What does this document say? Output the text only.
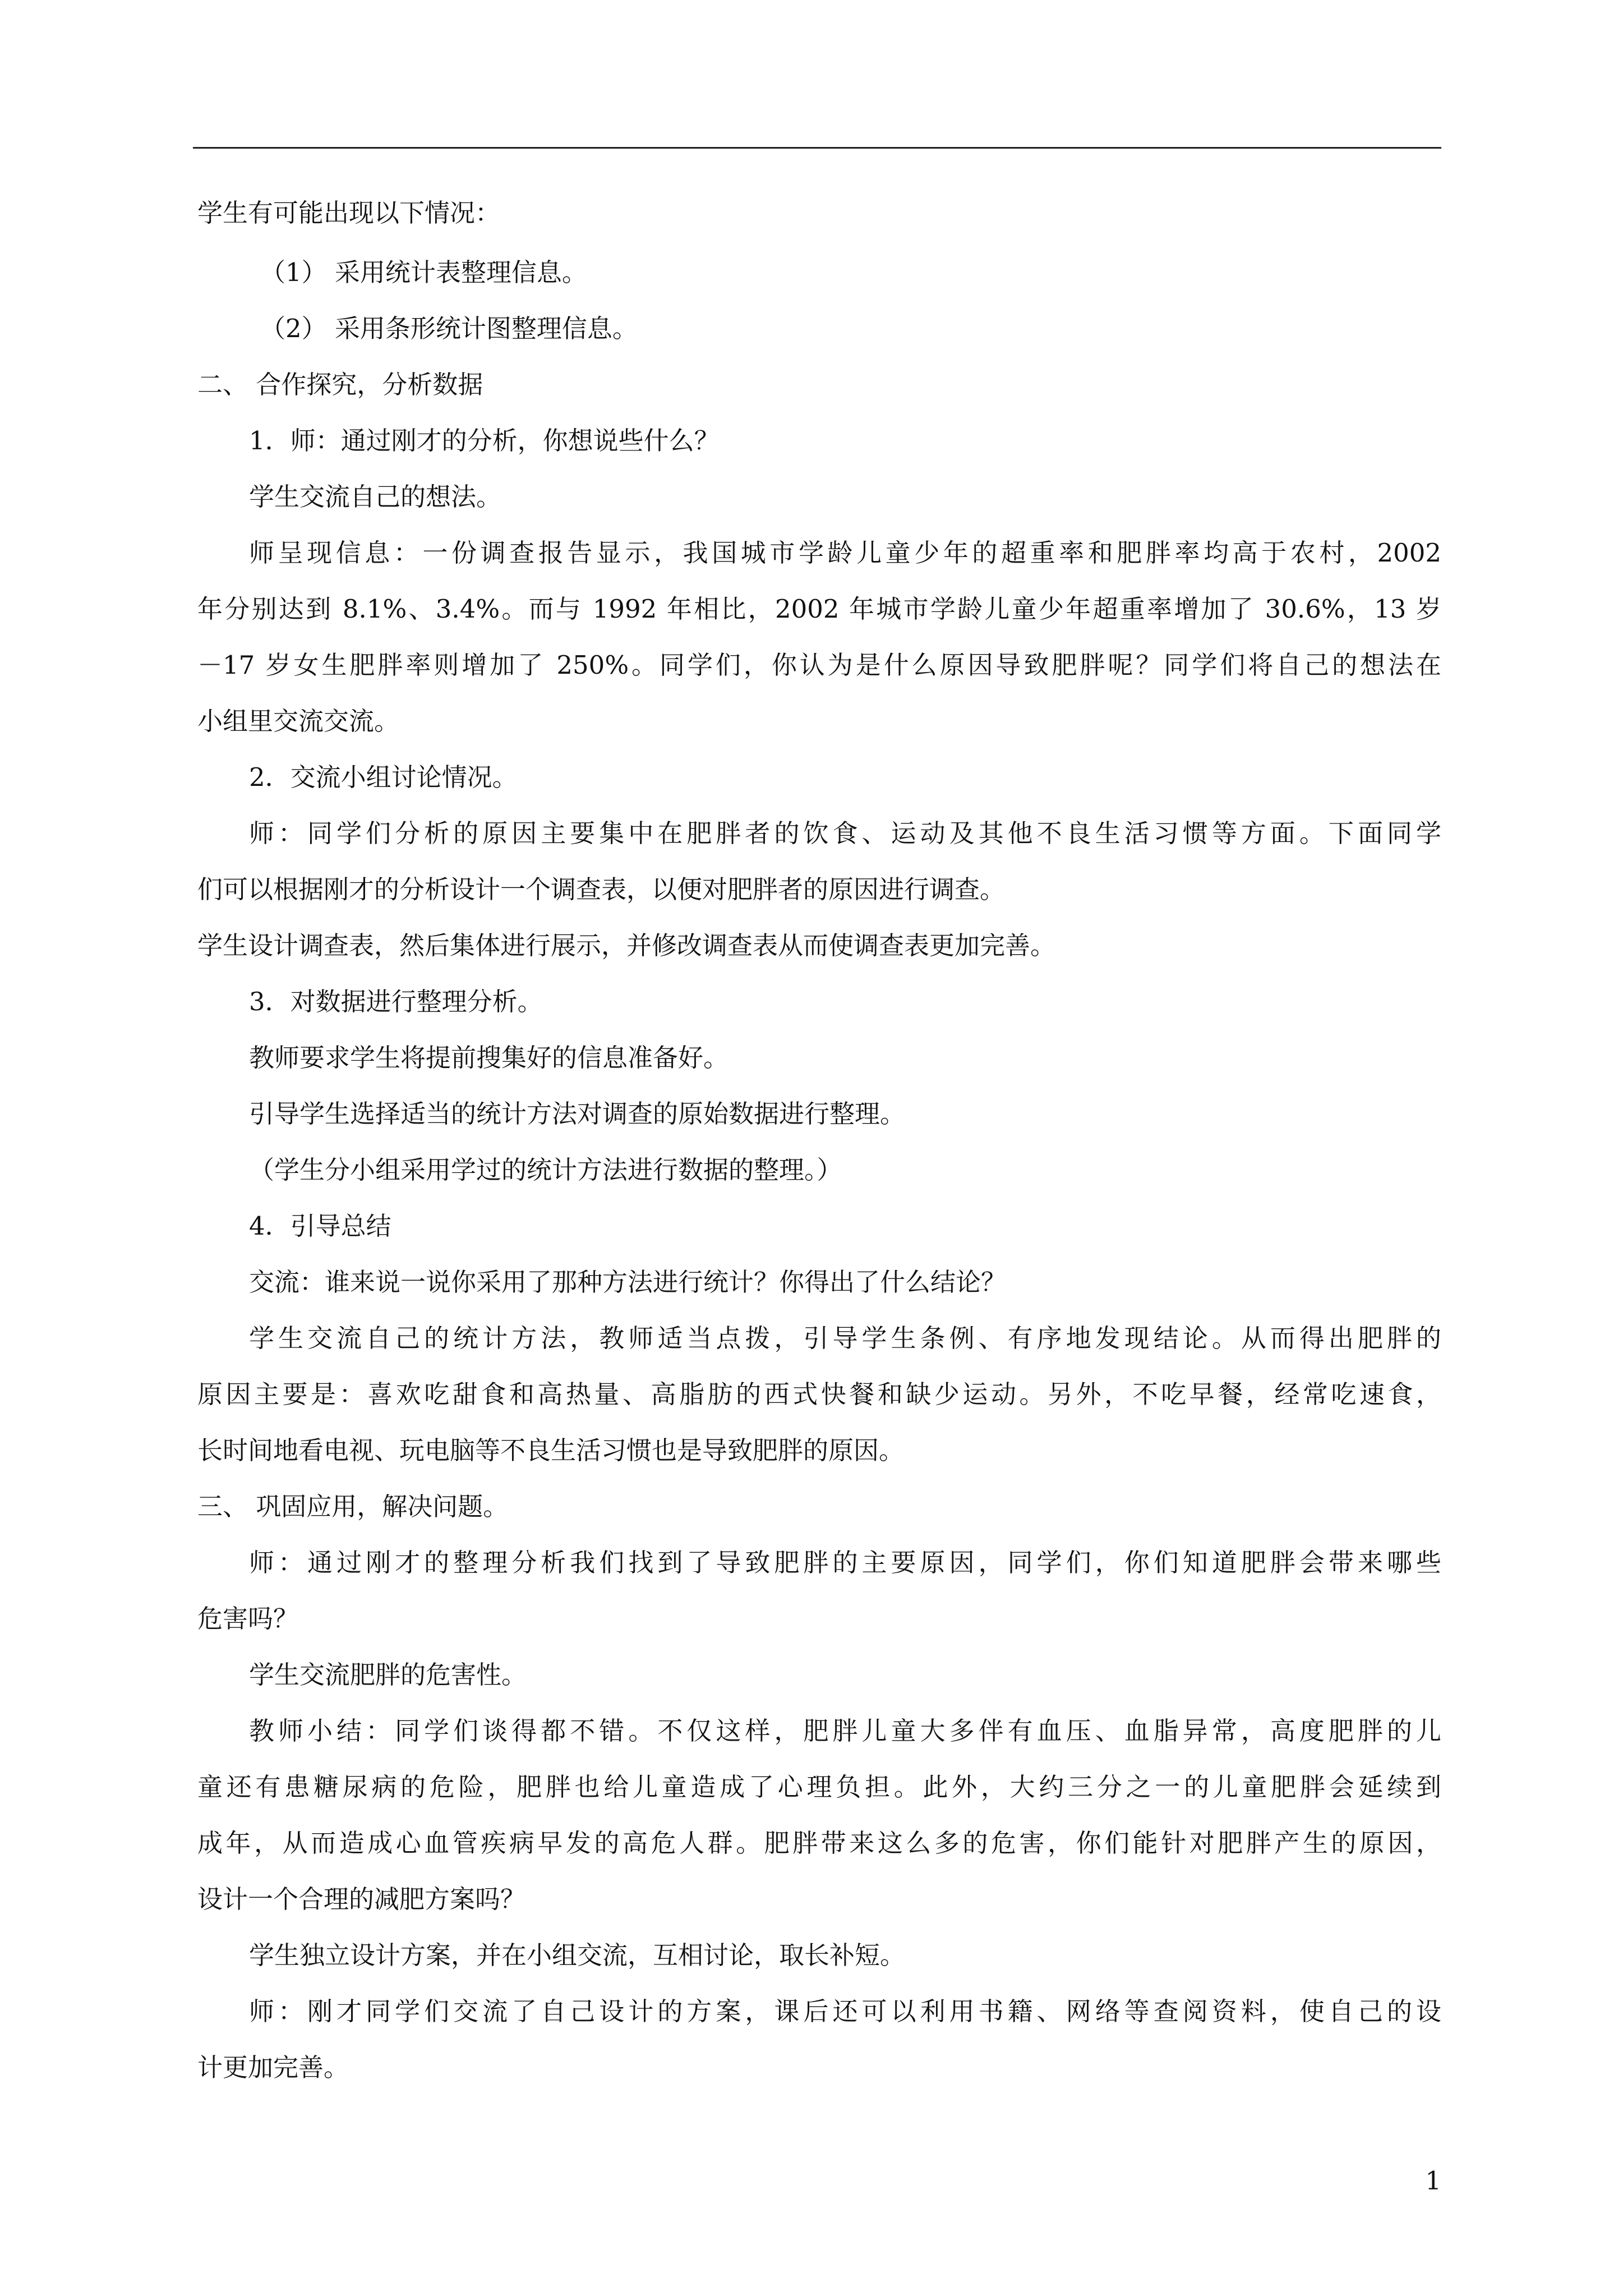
学生有可能出现以下情况：
（1） 采用统计表整理信息。
（2） 采用条形统计图整理信息。
二、 合作探究，分析数据
1．师：通过刚才的分析，你想说些什么？
学生交流自己的想法。
师呈现信息：一份调查报告显示，我国城市学龄儿童少年的超重率和肥胖率均高于农村，2002
年分别达到 8.1%、3.4%。而与 1992 年相比，2002 年城市学龄儿童少年超重率增加了 30.6%，13 岁
－17 岁女生肥胖率则增加了 250%。同学们，你认为是什么原因导致肥胖呢？同学们将自己的想法在
小组里交流交流。
2．交流小组讨论情况。
师：同学们分析的原因主要集中在肥胖者的饮食、运动及其他不良生活习惯等方面。下面同学
们可以根据刚才的分析设计一个调查表，以便对肥胖者的原因进行调查。
学生设计调查表，然后集体进行展示，并修改调查表从而使调查表更加完善。
3．对数据进行整理分析。
教师要求学生将提前搜集好的信息准备好。
引导学生选择适当的统计方法对调查的原始数据进行整理。
（学生分小组采用学过的统计方法进行数据的整理。）
4．引导总结
交流：谁来说一说你采用了那种方法进行统计？你得出了什么结论？
学生交流自己的统计方法，教师适当点拨，引导学生条例、有序地发现结论。从而得出肥胖的
原因主要是：喜欢吃甜食和高热量、高脂肪的西式快餐和缺少运动。另外，不吃早餐，经常吃速食，
长时间地看电视、玩电脑等不良生活习惯也是导致肥胖的原因。
三、 巩固应用，解决问题。
师：通过刚才的整理分析我们找到了导致肥胖的主要原因，同学们，你们知道肥胖会带来哪些
危害吗？
学生交流肥胖的危害性。
教师小结：同学们谈得都不错。不仅这样，肥胖儿童大多伴有血压、血脂异常，高度肥胖的儿
童还有患糖尿病的危险，肥胖也给儿童造成了心理负担。此外，大约三分之一的儿童肥胖会延续到
成年，从而造成心血管疾病早发的高危人群。肥胖带来这么多的危害，你们能针对肥胖产生的原因，
设计一个合理的减肥方案吗？
学生独立设计方案，并在小组交流，互相讨论，取长补短。
师：刚才同学们交流了自己设计的方案，课后还可以利用书籍、网络等查阅资料，使自己的设
计更加完善。
1
